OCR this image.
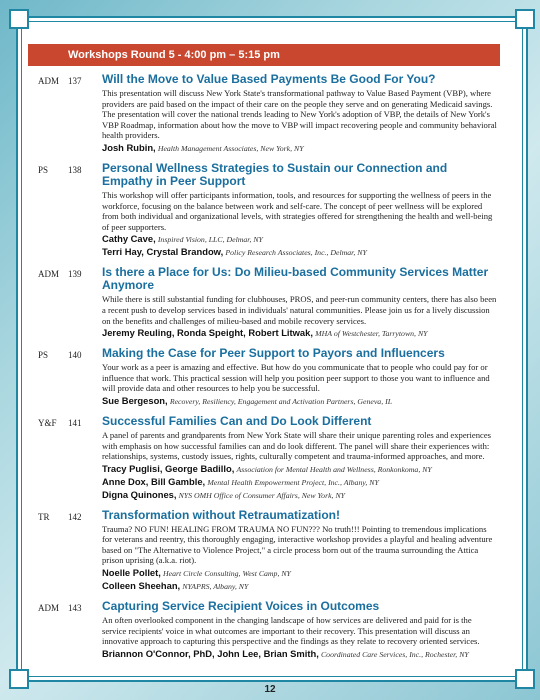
Workshops Round 5 - 4:00 pm – 5:15 pm
ADM 137 Will the Move to Value Based Payments Be Good For You?

This presentation will discuss New York State's transformational pathway to Value Based Payment (VBP), where providers are paid based on the impact of their care on the people they serve and on generating Medicaid savings. The presentation will cover the national trends leading to New York's adoption of VBP, the details of New York's VBP Roadmap, information about how the move to VBP will impact recovering people and community behavioral health providers.

Josh Rubin, Health Management Associates, New York, NY

PS	138 Personal Wellness Strategies to Sustain our Connection and Empathy in Peer Support

This workshop will offer participants information, tools, and resources for supporting the wellness of peers in the workforce, focusing on the balance between work and self-care. The concept of peer wellness will be explored from both individual and organizational levels, with strategies offered for strengthening the health and well-being of peer supporters.

Cathy Cave, Inspired Vision, LLC, Delmar, NY

Terri Hay, Crystal Brandow, Policy Research Associates, Inc., Delmar, NY

ADM 139 Is there a Place for Us: Do Milieu-based Community Services Matter Anymore

While there is still substantial funding for clubhouses, PROS, and peer-run community centers, there has also been a recent push to develop services based in individuals' natural communities. Please join us for a lively discussion on the benefits and challenges of milieu-based and mobile recovery services.

Jeremy Reuling, Ronda Speight, Robert Litwak, MHA of Westchester, Tarrytown, NY

PS	140 Making the Case for Peer Support to Payors and Influencers

Your work as a peer is amazing and effective. But how do you communicate that to people who could pay for or influence that work. This practical session will help you position peer support to those you want to influence and will provide data and other resources to help you be successful.

Sue Bergeson, Recovery, Resiliency, Engagement and Activation Partners, Geneva, IL

Y&F	141 Successful Families Can and Do Look Different

A panel of parents and grandparents from New York State will share their unique parenting roles and experiences with emphasis on how successful families can and do look different. The panel will share their experiences with: relationships, systems, custody issues, rights, culturally competent and trauma-informed approaches, and more.

Tracy Puglisi, George Badillo, Association for Mental Health and Wellness, Ronkonkoma, NY

Anne Dox, Bill Gamble, Mental Health Empowerment Project, Inc., Albany, NY

Digna Quinones, NYS OMH Office of Consumer Affairs, New York, NY

TR	142 Transformation without Retraumatization!

Trauma? NO FUN! HEALING FROM TRAUMA NO FUN??? No truth!!! Pointing to tremendous implications for veterans and reentry, this thoroughly engaging, interactive workshop provides a playful and healing adventure based on "The Alternative to Violence Project," a circle process born out of the trauma surrounding the Attica prison uprising (a.k.a. riot).

Noelle Pollet, Heart Circle Consulting, West Camp, NY

Colleen Sheehan, NYAPRS, Albany, NY

ADM 143 Capturing Service Recipient Voices in Outcomes

An often overlooked component in the changing landscape of how services are delivered and paid for is the service recipients' voice in what outcomes are important to their recovery. This presentation will discuss an innovative approach to capturing this perspective and the findings as they relate to recovery oriented services.

Briannon O'Connor, PhD, John Lee, Brian Smith, Coordinated Care Services, Inc., Rochester, NY

12
